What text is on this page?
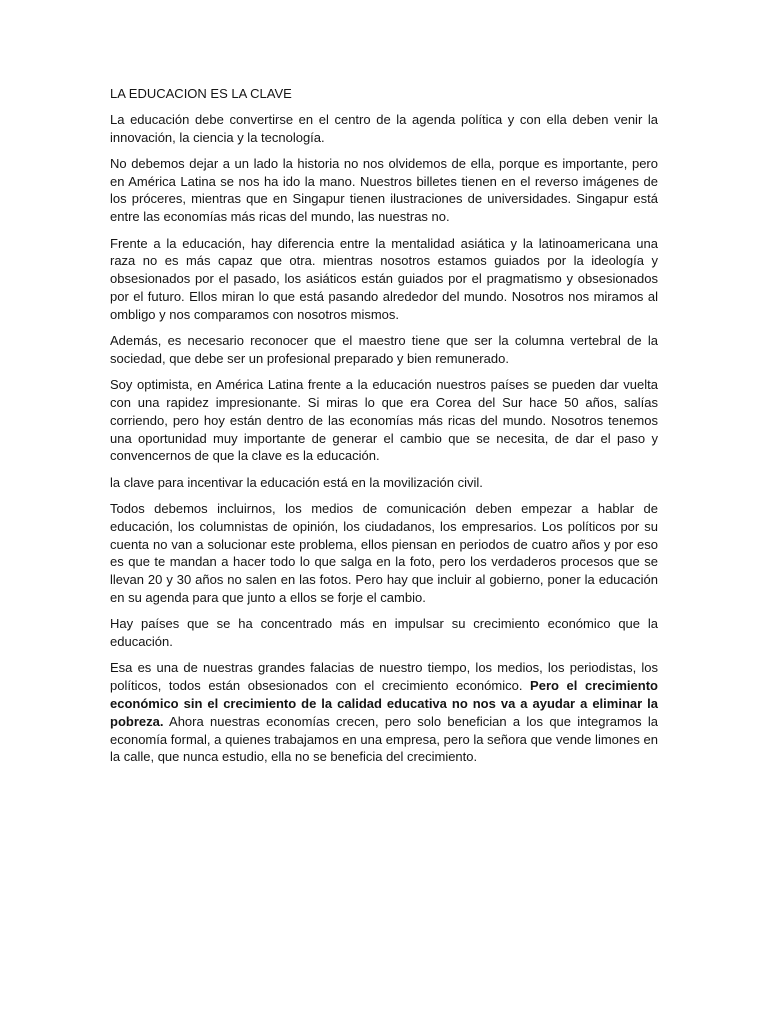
LA EDUCACION ES LA CLAVE

La educación debe convertirse en el centro de la agenda política y con ella deben venir la innovación, la ciencia y la tecnología.

No debemos dejar a un lado la historia no nos olvidemos de ella, porque es importante, pero en América Latina se nos ha ido la mano. Nuestros billetes tienen en el reverso imágenes de los próceres, mientras que en Singapur tienen ilustraciones de universidades. Singapur está entre las economías más ricas del mundo, las nuestras no.

Frente a la educación, hay diferencia entre la mentalidad asiática y la latinoamericana una raza no es más capaz que otra. mientras nosotros estamos guiados por la ideología y obsesionados por el pasado, los asiáticos están guiados por el pragmatismo y obsesionados por el futuro. Ellos miran lo que está pasando alrededor del mundo. Nosotros nos miramos al ombligo y nos comparamos con nosotros mismos.

Además, es necesario reconocer que el maestro tiene que ser la columna vertebral de la sociedad, que debe ser un profesional preparado y bien remunerado.

Soy optimista, en América Latina frente a la educación nuestros países se pueden dar vuelta con una rapidez impresionante. Si miras lo que era Corea del Sur hace 50 años, salías corriendo, pero hoy están dentro de las economías más ricas del mundo. Nosotros tenemos una oportunidad muy importante de generar el cambio que se necesita, de dar el paso y convencernos de que la clave es la educación.

la clave para incentivar la educación está en la movilización civil.

Todos debemos incluirnos, los medios de comunicación deben empezar a hablar de educación, los columnistas de opinión, los ciudadanos, los empresarios. Los políticos por su cuenta no van a solucionar este problema, ellos piensan en periodos de cuatro años y por eso es que te mandan a hacer todo lo que salga en la foto, pero los verdaderos procesos que se llevan 20 y 30 años no salen en las fotos. Pero hay que incluir al gobierno, poner la educación en su agenda para que junto a ellos se forje el cambio.

Hay países que se ha concentrado más en impulsar su crecimiento económico que la educación.

Esa es una de nuestras grandes falacias de nuestro tiempo, los medios, los periodistas, los políticos, todos están obsesionados con el crecimiento económico. Pero el crecimiento económico sin el crecimiento de la calidad educativa no nos va a ayudar a eliminar la pobreza. Ahora nuestras economías crecen, pero solo benefician a los que integramos la economía formal, a quienes trabajamos en una empresa, pero la señora que vende limones en la calle, que nunca estudio, ella no se beneficia del crecimiento.
